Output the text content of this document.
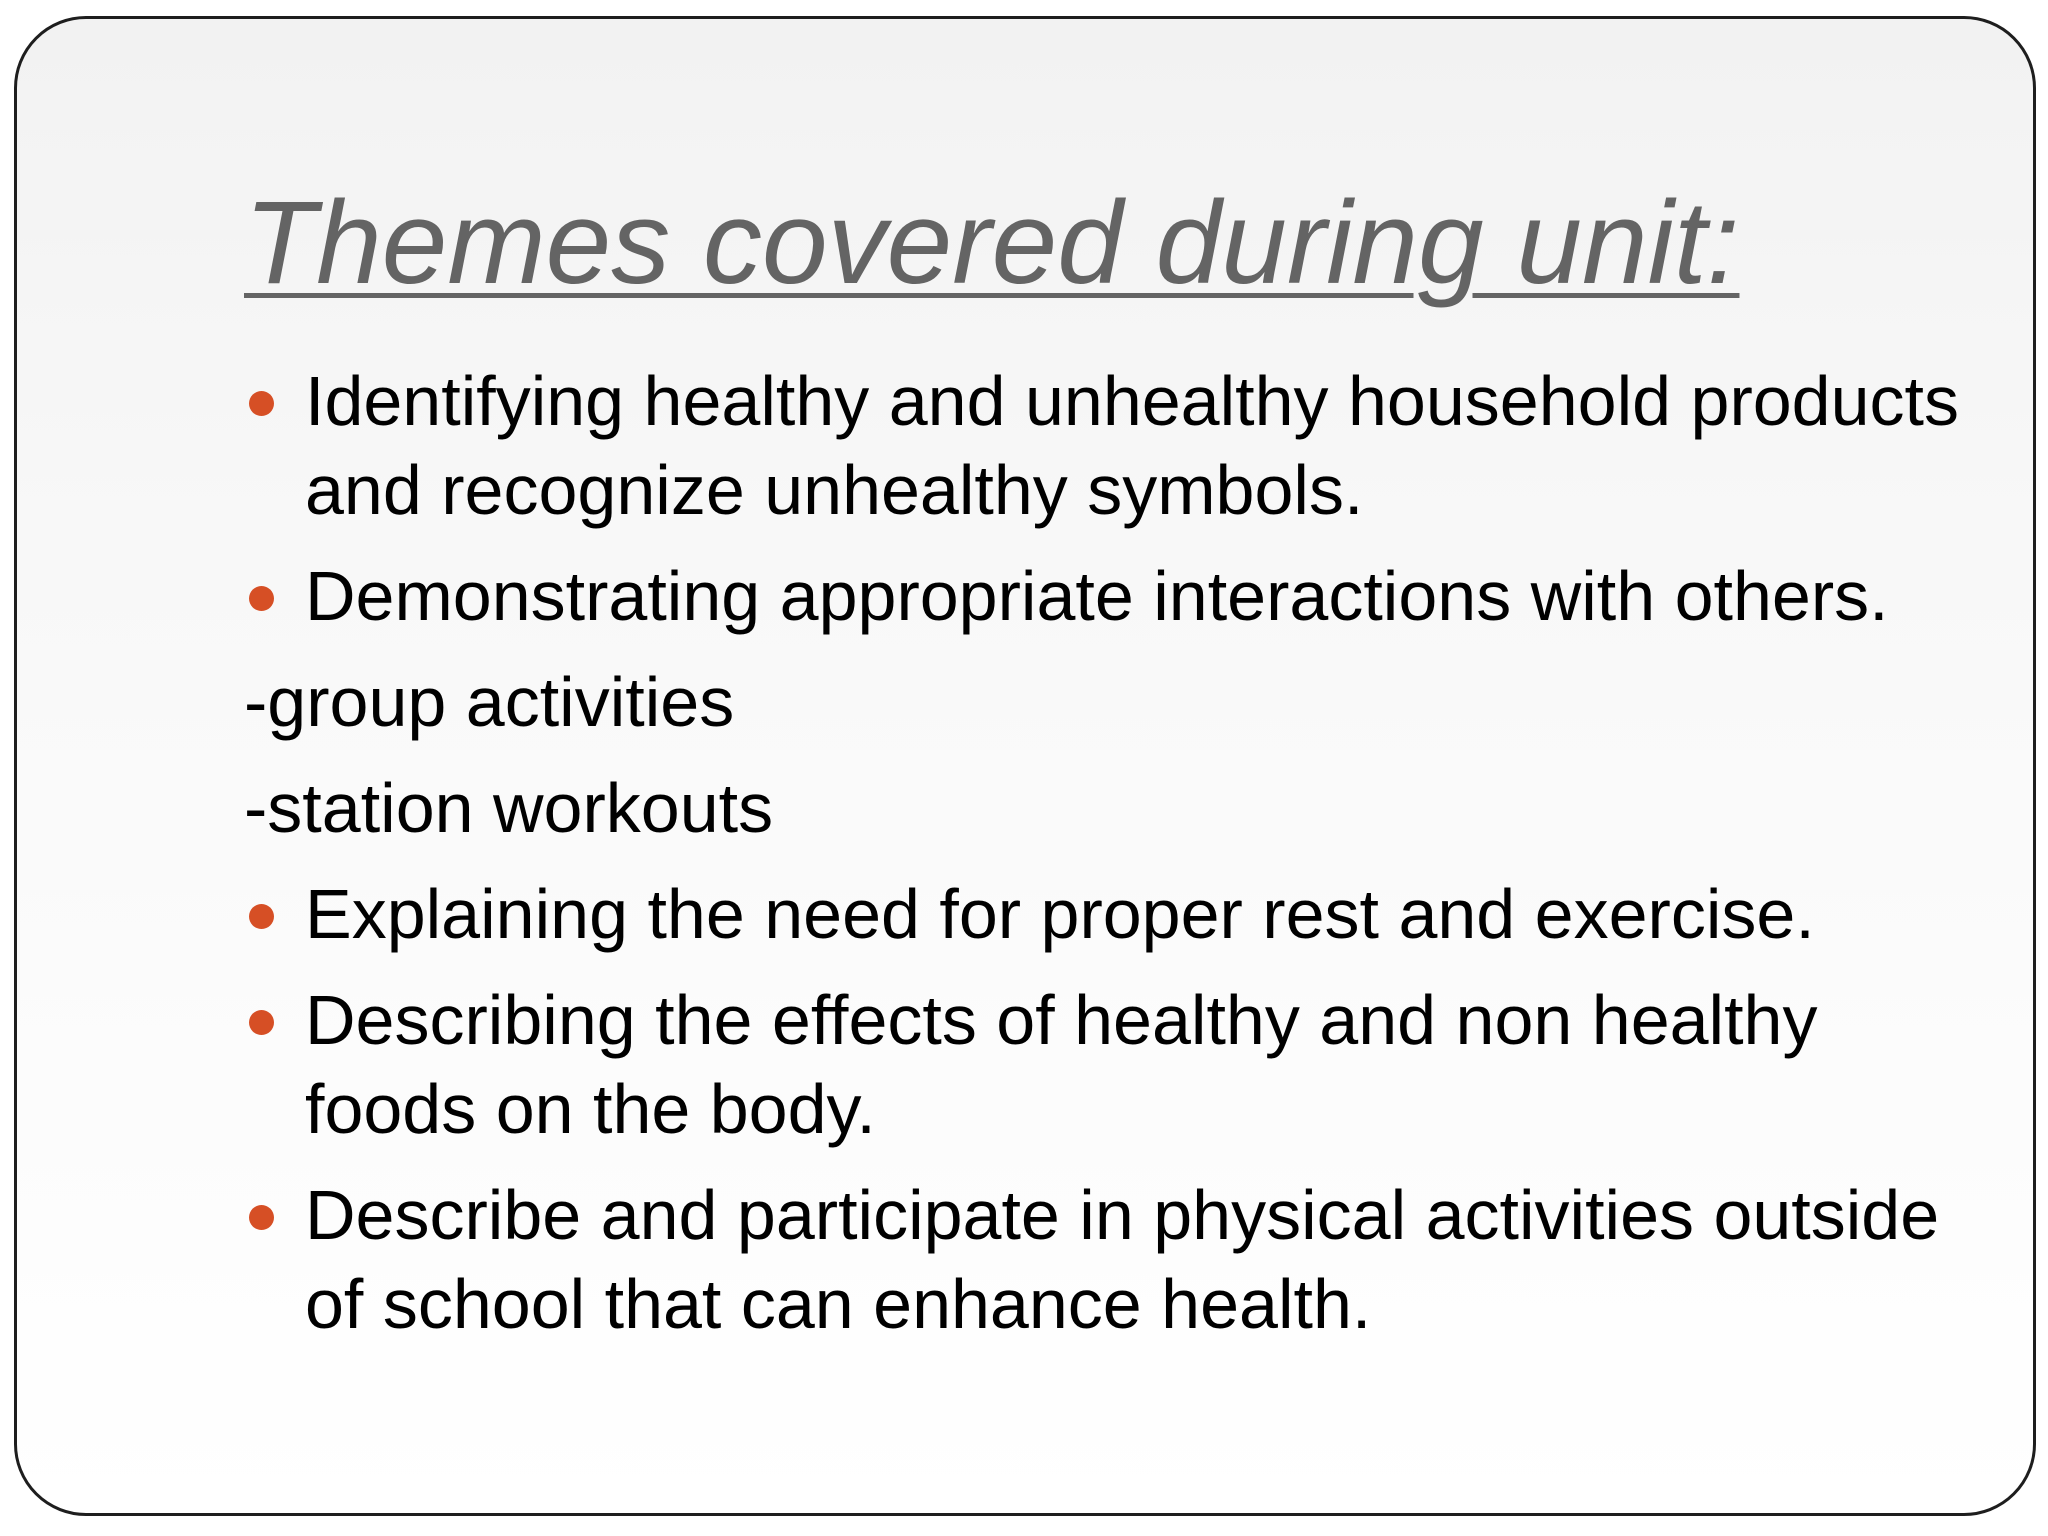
Themes covered during unit:

Identifying healthy and unhealthy household products and recognize unhealthy symbols.

Demonstrating appropriate interactions with others.

-group activities

-station workouts

Explaining the need for proper rest and exercise.

Describing the effects of healthy and non healthy foods on the body.

Describe and participate in physical activities outside of school that can enhance health.
